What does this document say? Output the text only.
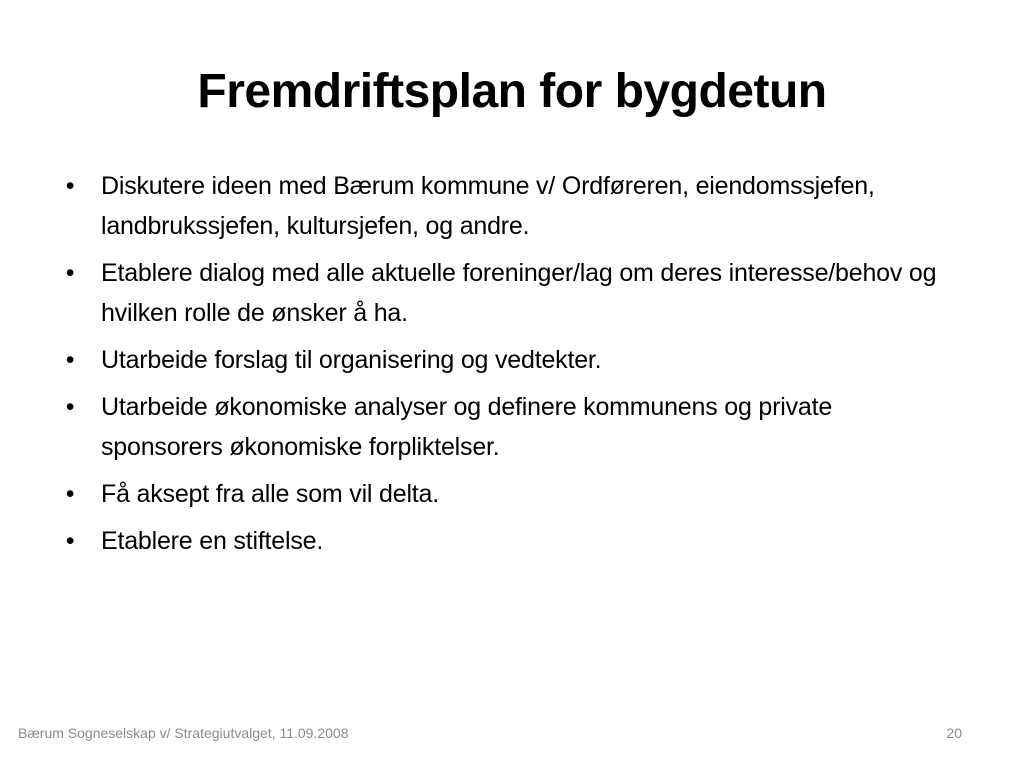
Fremdriftsplan for bygdetun
• Diskutere ideen med Bærum kommune v/ Ordføreren, eiendomssjefen, landbrukssjefen, kultursjefen, og andre.
• Etablere dialog med alle aktuelle foreninger/lag om deres interesse/behov og hvilken rolle de ønsker å ha.
• Utarbeide forslag til organisering og vedtekter.
• Utarbeide økonomiske analyser og definere kommunens og private sponsorers økonomiske forpliktelser.
• Få aksept fra alle som vil delta.
• Etablere en stiftelse.
Bærum Sogneselskap v/ Strategiutvalget, 11.09.2008	20
